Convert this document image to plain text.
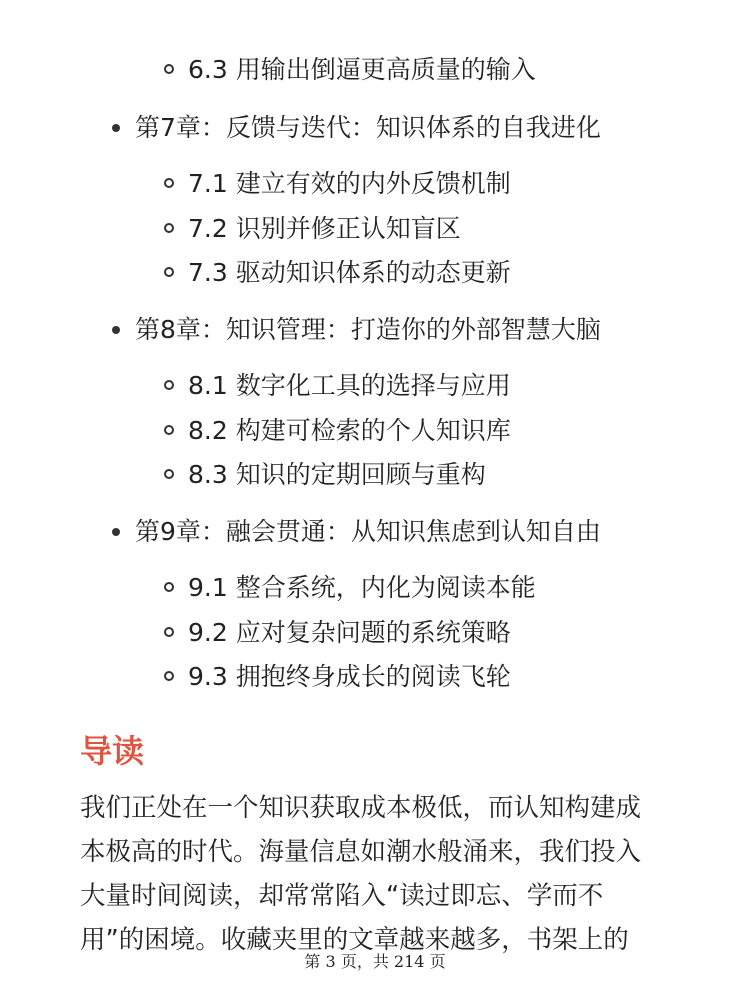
6.3 用输出倒逼更高质量的输入
第7章：反馈与迭代：知识体系的自我进化
7.1 建立有效的内外反馈机制
7.2 识别并修正认知盲区
7.3 驱动知识体系的动态更新
第8章：知识管理：打造你的外部智慧大脑
8.1 数字化工具的选择与应用
8.2 构建可检索的个人知识库
8.3 知识的定期回顾与重构
第9章：融会贯通：从知识焦虑到认知自由
9.1 整合系统，内化为阅读本能
9.2 应对复杂问题的系统策略
9.3 拥抱终身成长的阅读飞轮
导读
我们正处在一个知识获取成本极低，而认知构建成
本极高的时代。海量信息如潮水般涌来，我们投入
大量时间阅读，却常常陷入“读过即忘、学而不
用”的困境。收藏夹里的文章越来越多，书架上的
第 3 页，共 214 页
